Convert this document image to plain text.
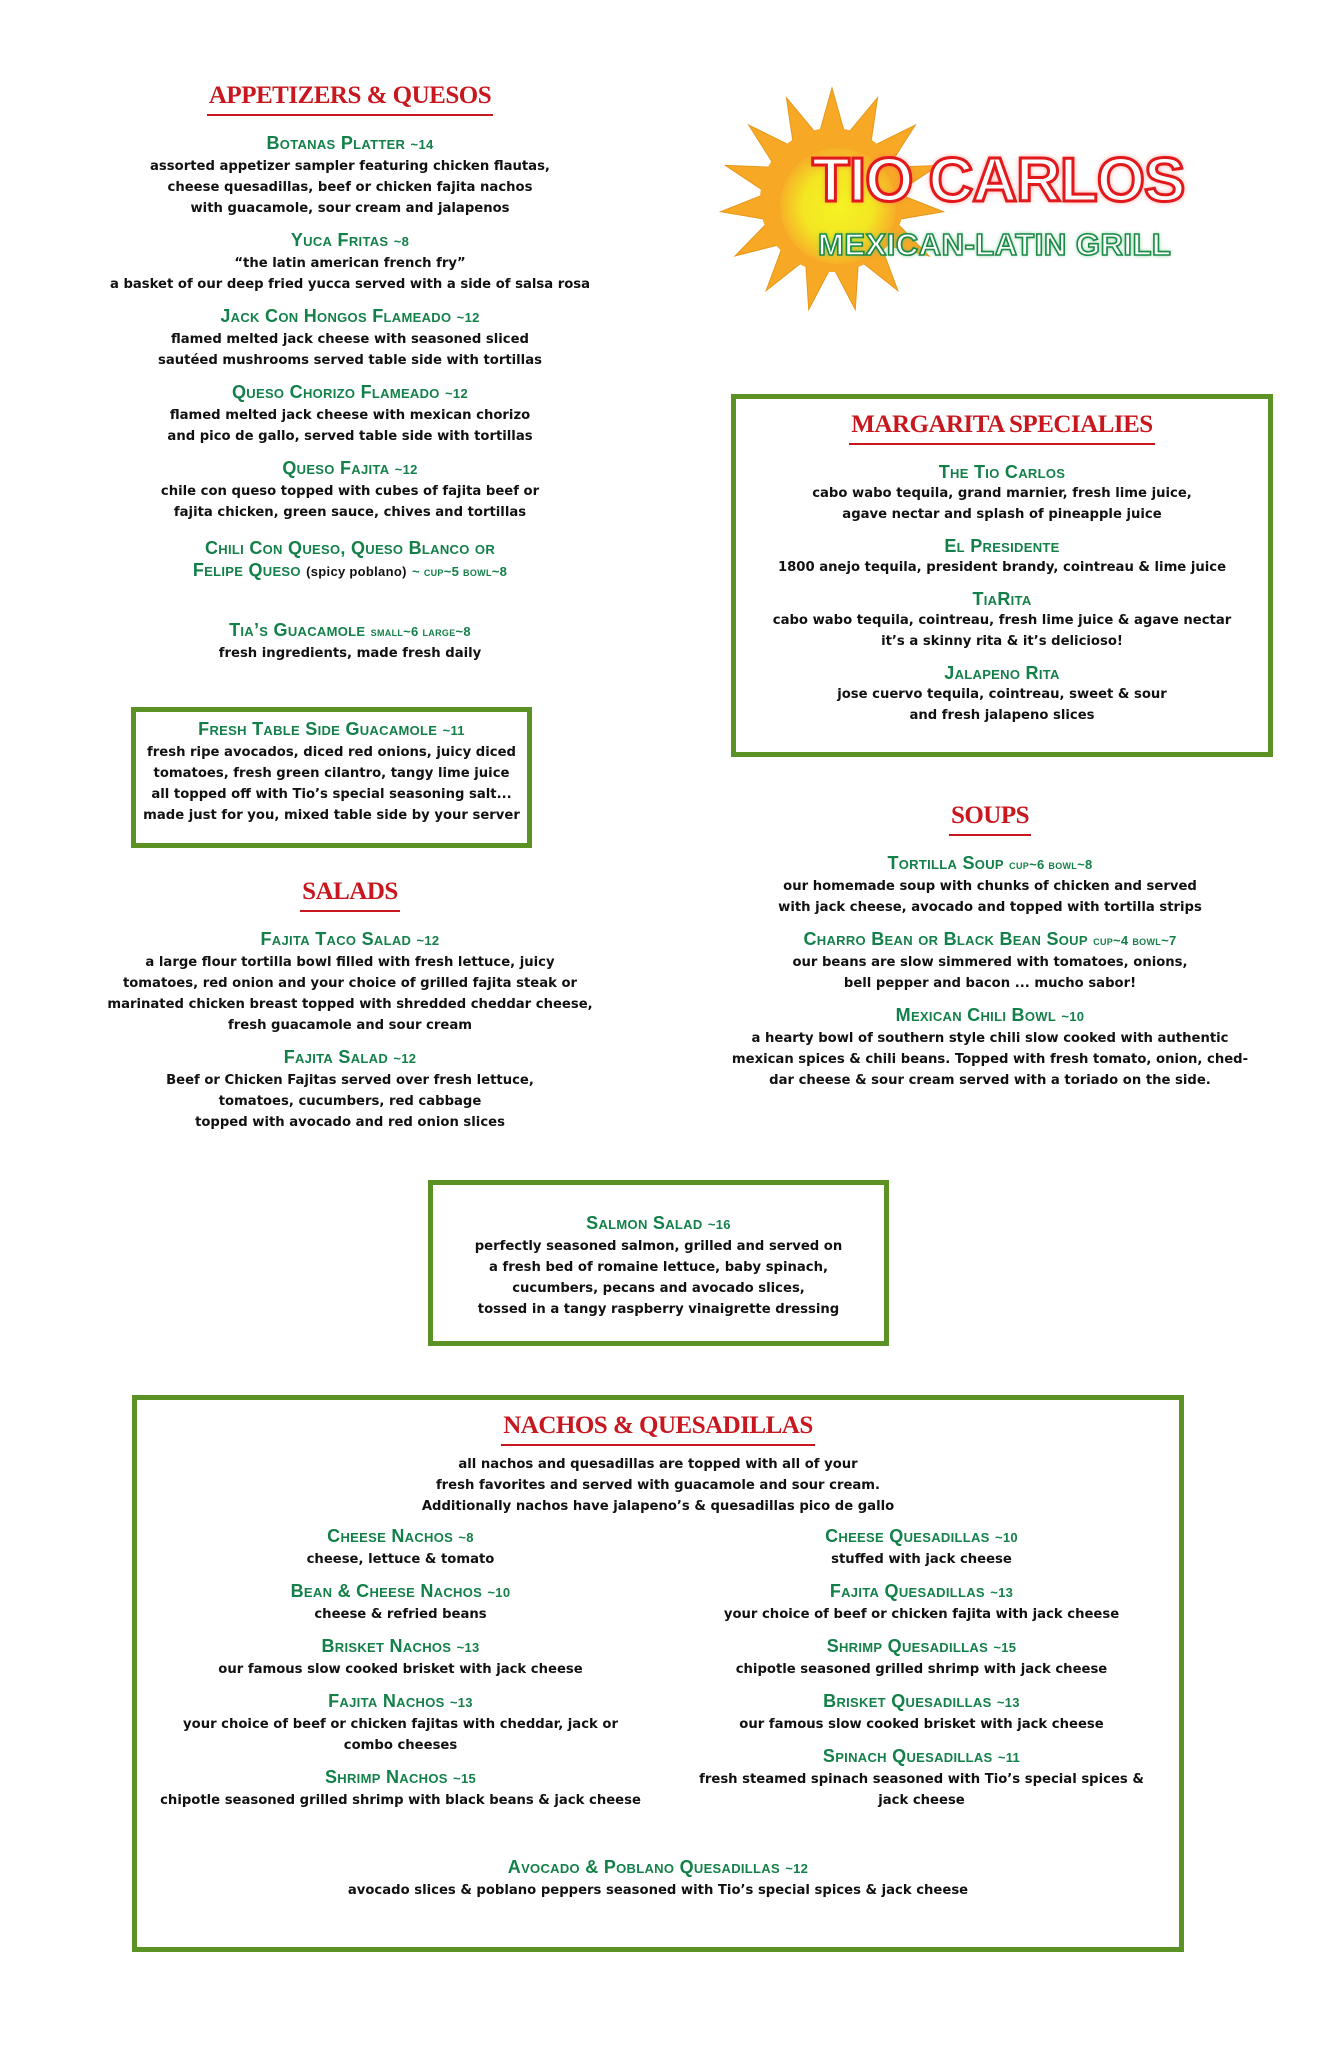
APPETIZERS & QUESOS
Botanas Platter ~14
assorted appetizer sampler featuring chicken flautas,
cheese quesadillas, beef or chicken fajita nachos
with guacamole, sour cream and jalapenos
Yuca Fritas ~8
“the latin american french fry”
a basket of our deep fried yucca served with a side of salsa rosa
Jack Con Hongos Flameado ~12
flamed melted jack cheese with seasoned sliced
sautéed mushrooms served table side with tortillas
Queso Chorizo Flameado ~12
flamed melted jack cheese with mexican chorizo
and pico de gallo, served table side with tortillas
Queso Fajita ~12
chile con queso topped with cubes of fajita beef or
fajita chicken, green sauce, chives and tortillas
Chili Con Queso, Queso Blanco or
Felipe Queso (spicy poblano) ~ cup~5 bowl~8
Tia’s Guacamole small~6 large~8
fresh ingredients, made fresh daily
Fresh Table Side Guacamole ~11
fresh ripe avocados, diced red onions, juicy diced
tomatoes, fresh green cilantro, tangy lime juice
all topped off with Tio’s special seasoning salt...
made just for you, mixed table side by your server
SALADS
Fajita Taco Salad ~12
a large flour tortilla bowl filled with fresh lettuce, juicy
tomatoes, red onion and your choice of grilled fajita steak or
marinated chicken breast topped with shredded cheddar cheese,
fresh guacamole and sour cream
Fajita Salad ~12
Beef or Chicken Fajitas served over fresh lettuce,
tomatoes, cucumbers, red cabbage
topped with avocado and red onion slices
Salmon Salad ~16
perfectly seasoned salmon, grilled and served on
a fresh bed of romaine lettuce, baby spinach,
cucumbers, pecans and avocado slices,
tossed in a tangy raspberry vinaigrette dressing
TIO CARLOS
MEXICAN-LATIN GRILL
MARGARITA SPECIALIES
The Tio Carlos
cabo wabo tequila, grand marnier, fresh lime juice,
agave nectar and splash of pineapple juice
El Presidente
1800 anejo tequila, president brandy, cointreau & lime juice
TiaRita
cabo wabo tequila, cointreau, fresh lime juice & agave nectar
it’s a skinny rita & it’s delicioso!
Jalapeno Rita
jose cuervo tequila, cointreau, sweet & sour
and fresh jalapeno slices
SOUPS
Tortilla Soup cup~6 bowl~8
our homemade soup with chunks of chicken and served
with jack cheese, avocado and topped with tortilla strips
Charro Bean or Black Bean Soup cup~4 bowl~7
our beans are slow simmered with tomatoes, onions,
bell pepper and bacon ... mucho sabor!
Mexican Chili Bowl ~10
a hearty bowl of southern style chili slow cooked with authentic
mexican spices & chili beans. Topped with fresh tomato, onion, ched-
dar cheese & sour cream served with a toriado on the side.
NACHOS & QUESADILLAS
all nachos and quesadillas are topped with all of your
fresh favorites and served with guacamole and sour cream.
Additionally nachos have jalapeno’s & quesadillas pico de gallo
Cheese Nachos ~8
cheese, lettuce & tomato
Bean & Cheese Nachos ~10
cheese & refried beans
Brisket Nachos ~13
our famous slow cooked brisket with jack cheese
Fajita Nachos ~13
your choice of beef or chicken fajitas with cheddar, jack or
combo cheeses
Shrimp Nachos ~15
chipotle seasoned grilled shrimp with black beans & jack cheese
Cheese Quesadillas ~10
stuffed with jack cheese
Fajita Quesadillas ~13
your choice of beef or chicken fajita with jack cheese
Shrimp Quesadillas ~15
chipotle seasoned grilled shrimp with jack cheese
Brisket Quesadillas ~13
our famous slow cooked brisket with jack cheese
Spinach Quesadillas ~11
fresh steamed spinach seasoned with Tio’s special spices &
jack cheese
Avocado & Poblano Quesadillas ~12
avocado slices & poblano peppers seasoned with Tio’s special spices & jack cheese
